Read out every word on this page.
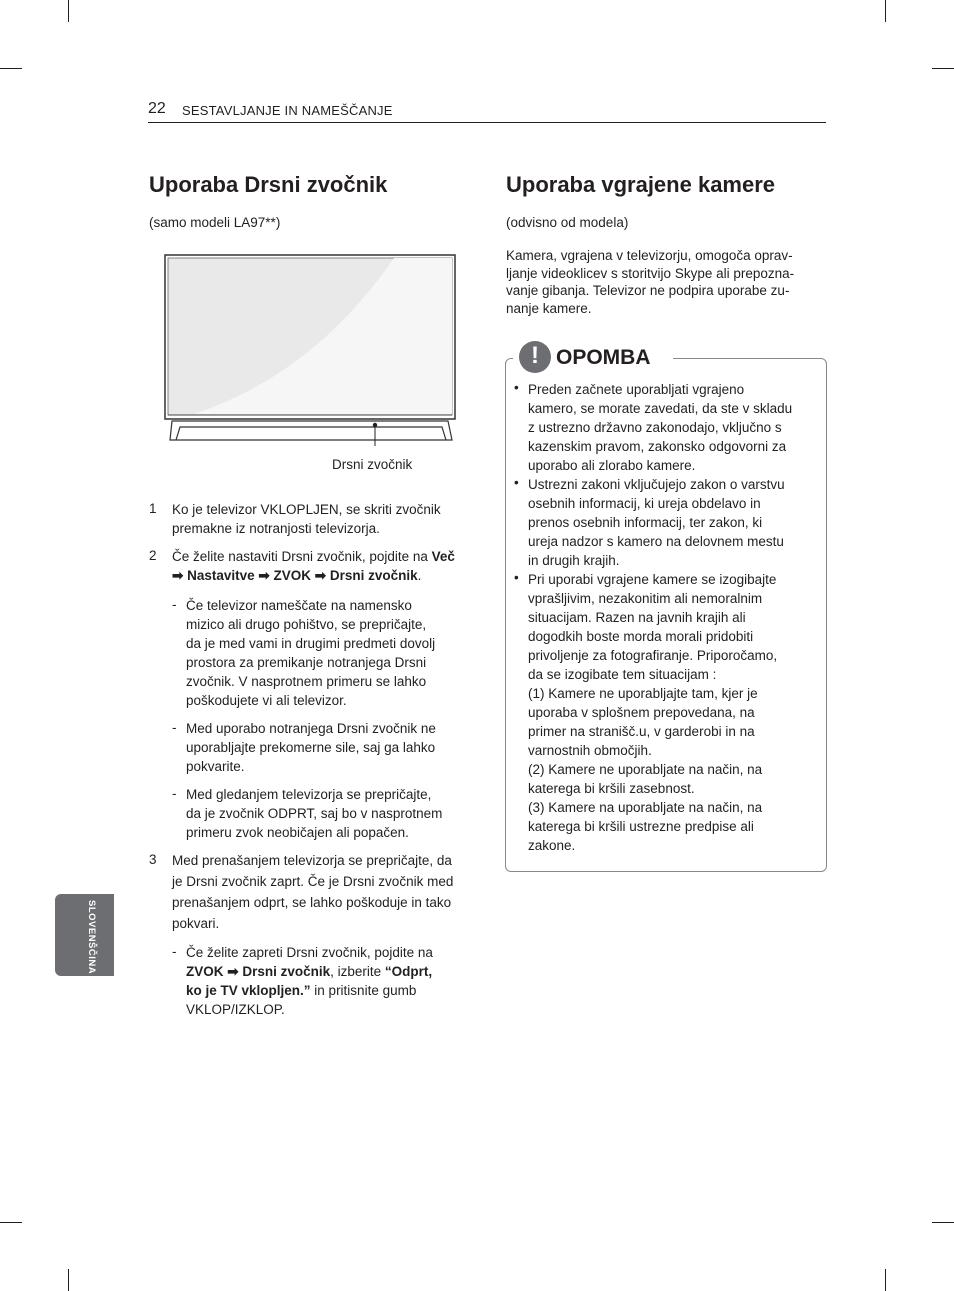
22 SESTAVLJANJE IN NAMEŠČANJE
SLOVENŠČINA
Uporaba Drsni zvočnik

(samo modeli LA97**)

Drsni zvočnik
1 Ko je televizor VKLOPLJEN, se skriti zvočnik
premakne iz notranjosti televizorja.

2 Če želite nastaviti Drsni zvočnik, pojdite na Več
➡ Nastavitve ➡ ZVOK ➡ Drsni zvočnik.

- Če televizor nameščate na namensko
mizico ali drugo pohištvo, se prepričajte,
da je med vami in drugimi predmeti dovolj
prostora za premikanje notranjega Drsni
zvočnik. V nasprotnem primeru se lahko
poškodujete vi ali televizor.

- Med uporabo notranjega Drsni zvočnik ne
uporabljajte prekomerne sile, saj ga lahko
pokvarite.

- Med gledanjem televizorja se prepričajte,
da je zvočnik ODPRT, saj bo v nasprotnem
primeru zvok neobičajen ali popačen.

3 Med prenašanjem televizorja se prepričajte, da
je Drsni zvočnik zaprt. Če je Drsni zvočnik med
prenašanjem odprt, se lahko poškoduje in tako
pokvari.

- Če želite zapreti Drsni zvočnik, pojdite na
ZVOK ➡ Drsni zvočnik, izberite “Odprt,
ko je TV vklopljen.” in pritisnite gumb
VKLOP/IZKLOP.

Uporaba vgrajene kamere

(odvisno od modela)

Kamera, vgrajena v televizorju, omogoča oprav-
ljanje videoklicev s storitvijo Skype ali prepozna-
vanje gibanja. Televizor ne podpira uporabe zu-
nanje kamere.

! OPOMBA
•
•
•

Preden začnete uporabljati vgrajeno
kamero, se morate zavedati, da ste v skladu
z ustrezno državno zakonodajo, vključno s
kazenskim pravom, zakonsko odgovorni za
uporabo ali zlorabo kamere.
Ustrezni zakoni vključujejo zakon o varstvu
osebnih informacij, ki ureja obdelavo in
prenos osebnih informacij, ter zakon, ki
ureja nadzor s kamero na delovnem mestu
in drugih krajih.
Pri uporabi vgrajene kamere se izogibajte
vprašljivim, nezakonitim ali nemoralnim
situacijam. Razen na javnih krajih ali
dogodkih boste morda morali pridobiti
privoljenje za fotografiranje. Priporočamo,
da se izogibate tem situacijam :
(1) Kamere ne uporabljajte tam, kjer je
uporaba v splošnem prepovedana, na
primer na stranišč.u, v garderobi in na
varnostnih območjih.
(2) Kamere ne uporabljate na način, na
katerega bi kršili zasebnost.
(3) Kamere na uporabljate na način, na
katerega bi kršili ustrezne predpise ali
zakone.
